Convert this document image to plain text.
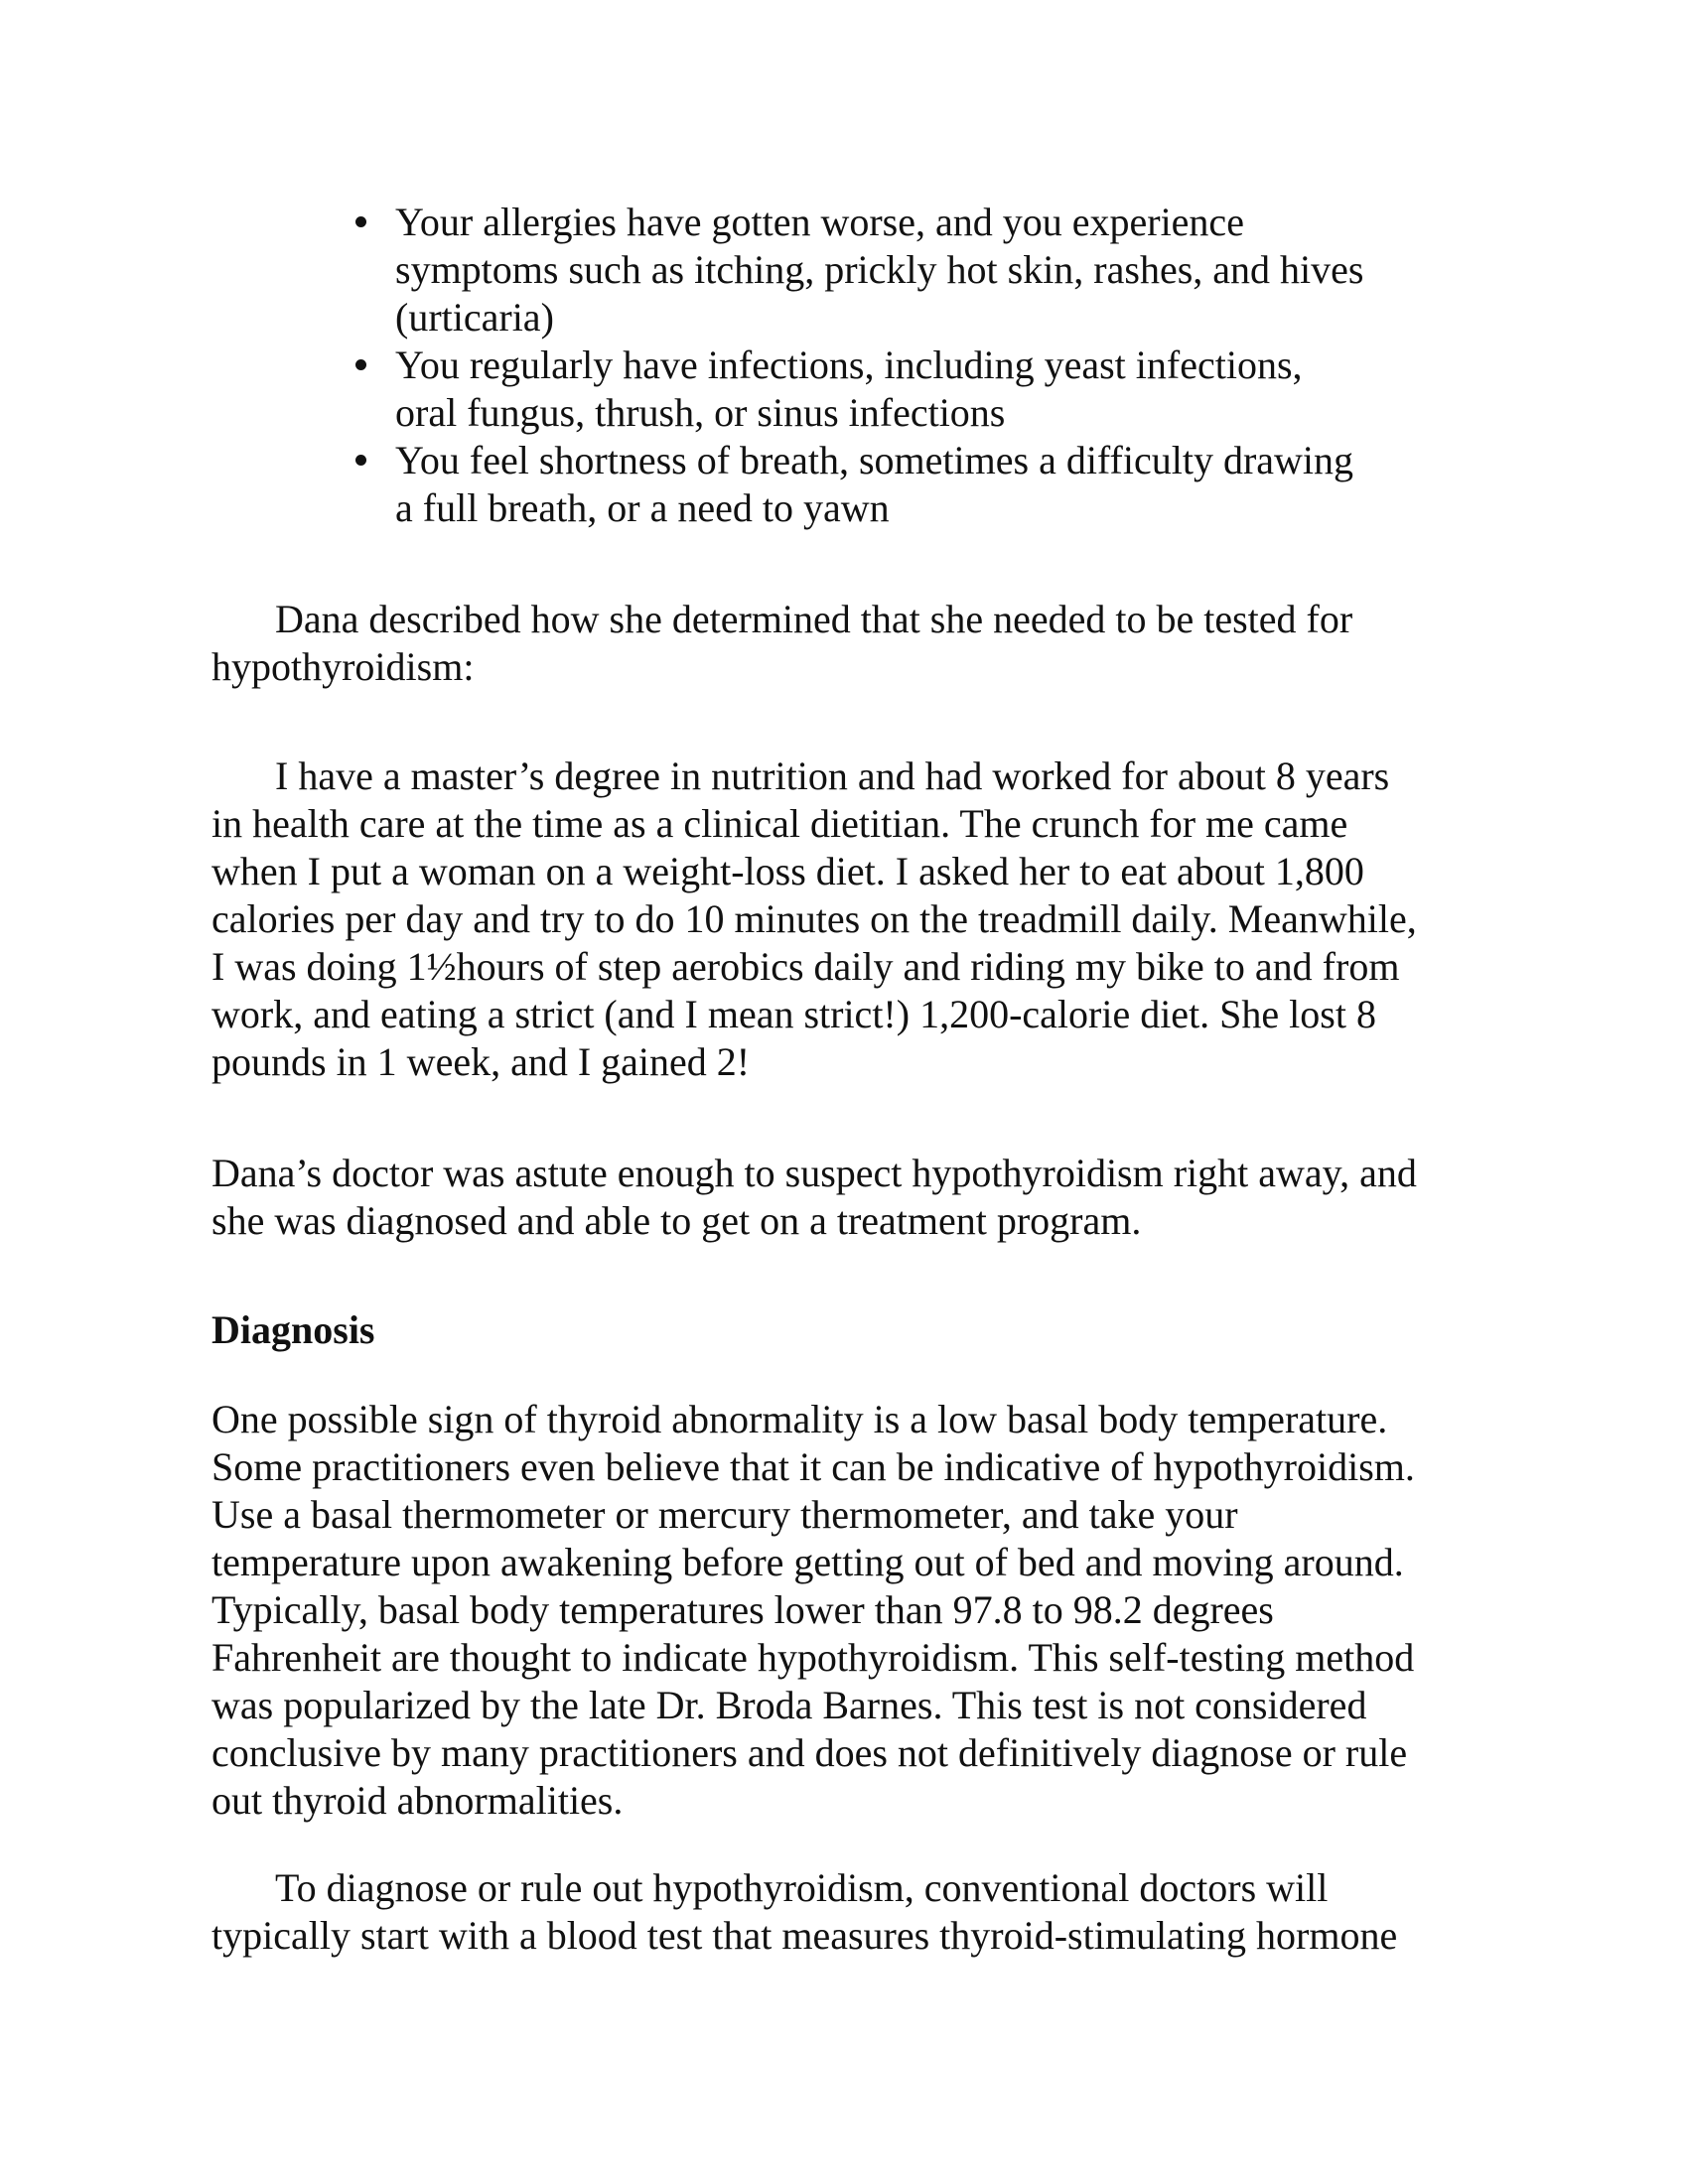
Your allergies have gotten worse, and you experience
symptoms such as itching, prickly hot skin, rashes, and hives
(urticaria)
You regularly have infections, including yeast infections,
oral fungus, thrush, or sinus infections
You feel shortness of breath, sometimes a difficulty drawing
a full breath, or a need to yawn
Dana described how she determined that she needed to be tested for
hypothyroidism:
I have a master’s degree in nutrition and had worked for about 8 years
in health care at the time as a clinical dietitian. The crunch for me came
when I put a woman on a weight-loss diet. I asked her to eat about 1,800
calories per day and try to do 10 minutes on the treadmill daily. Meanwhile,
I was doing 1½hours of step aerobics daily and riding my bike to and from
work, and eating a strict (and I mean strict!) 1,200-calorie diet. She lost 8
pounds in 1 week, and I gained 2!
Dana’s doctor was astute enough to suspect hypothyroidism right away, and
she was diagnosed and able to get on a treatment program.
Diagnosis
One possible sign of thyroid abnormality is a low basal body temperature.
Some practitioners even believe that it can be indicative of hypothyroidism.
Use a basal thermometer or mercury thermometer, and take your
temperature upon awakening before getting out of bed and moving around.
Typically, basal body temperatures lower than 97.8 to 98.2 degrees
Fahrenheit are thought to indicate hypothyroidism. This self-testing method
was popularized by the late Dr. Broda Barnes. This test is not considered
conclusive by many practitioners and does not definitively diagnose or rule
out thyroid abnormalities.
To diagnose or rule out hypothyroidism, conventional doctors will
typically start with a blood test that measures thyroid-stimulating hormone
